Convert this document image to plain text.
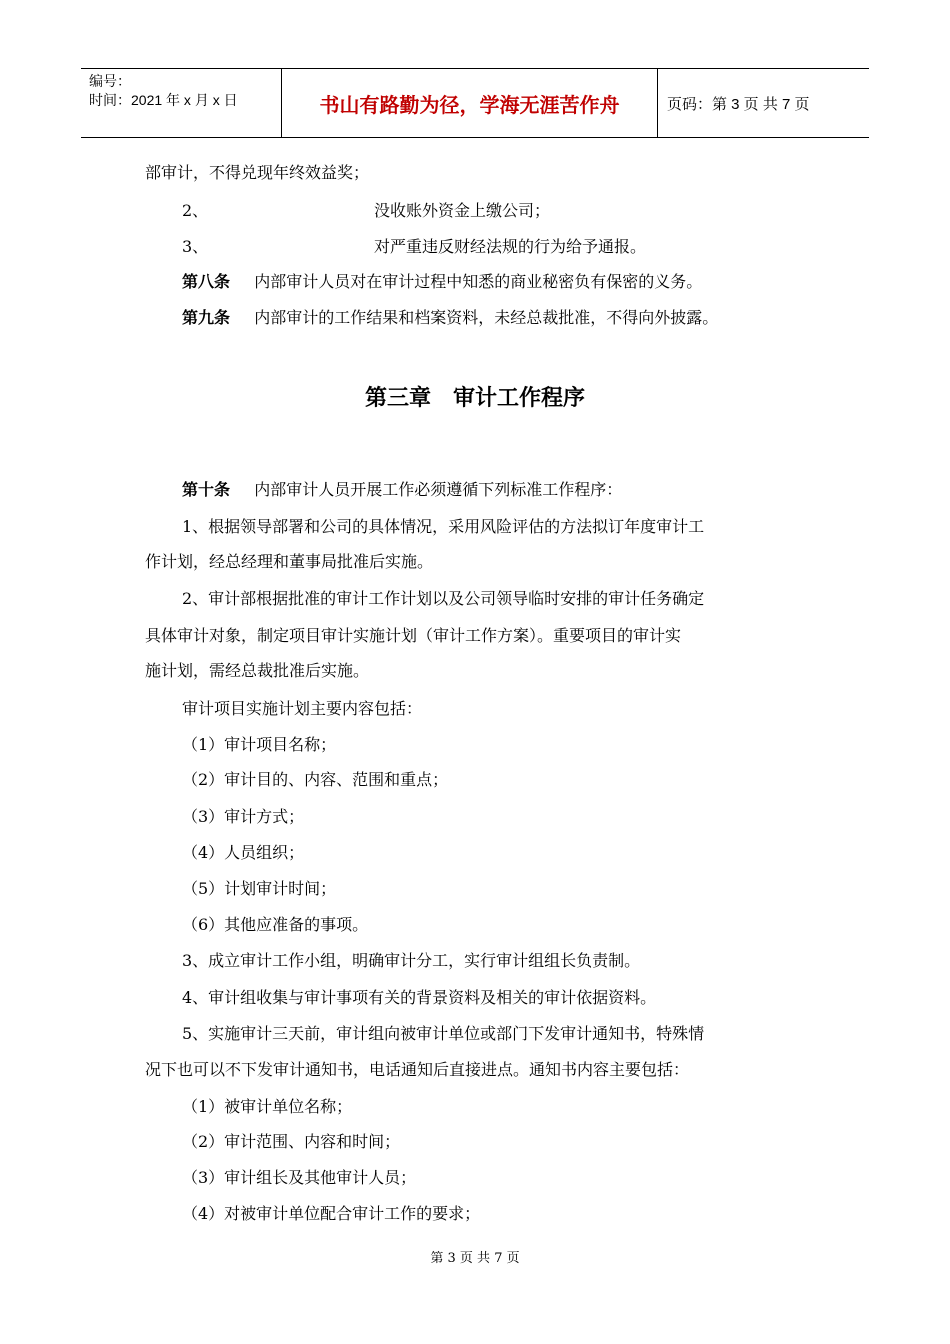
编号：
时间：2021 年 x 月 x 日	书山有路勤为径，学海无涯苦作舟	页码：第 3 页 共 7 页
部审计，不得兑现年终效益奖；
2、	没收账外资金上缴公司；
3、	对严重违反财经法规的行为给予通报。
第八条 内部审计人员对在审计过程中知悉的商业秘密负有保密的义务。
第九条 内部审计的工作结果和档案资料，未经总裁批准，不得向外披露。
第三章　审计工作程序
第十条 内部审计人员开展工作必须遵循下列标准工作程序：
1、根据领导部署和公司的具体情况，采用风险评估的方法拟订年度审计工
作计划，经总经理和董事局批准后实施。
2、审计部根据批准的审计工作计划以及公司领导临时安排的审计任务确定
具体审计对象，制定项目审计实施计划（审计工作方案）。重要项目的审计实
施计划，需经总裁批准后实施。
审计项目实施计划主要内容包括：
（1）审计项目名称；
（2）审计目的、内容、范围和重点；
（3）审计方式；
（4）人员组织；
（5）计划审计时间；
（6）其他应准备的事项。
3、成立审计工作小组，明确审计分工，实行审计组组长负责制。
4、审计组收集与审计事项有关的背景资料及相关的审计依据资料。
5、实施审计三天前，审计组向被审计单位或部门下发审计通知书，特殊情
况下也可以不下发审计通知书，电话通知后直接进点。通知书内容主要包括：
（1）被审计单位名称；
（2）审计范围、内容和时间；
（3）审计组长及其他审计人员；
（4）对被审计单位配合审计工作的要求；
第 3 页 共 7 页
